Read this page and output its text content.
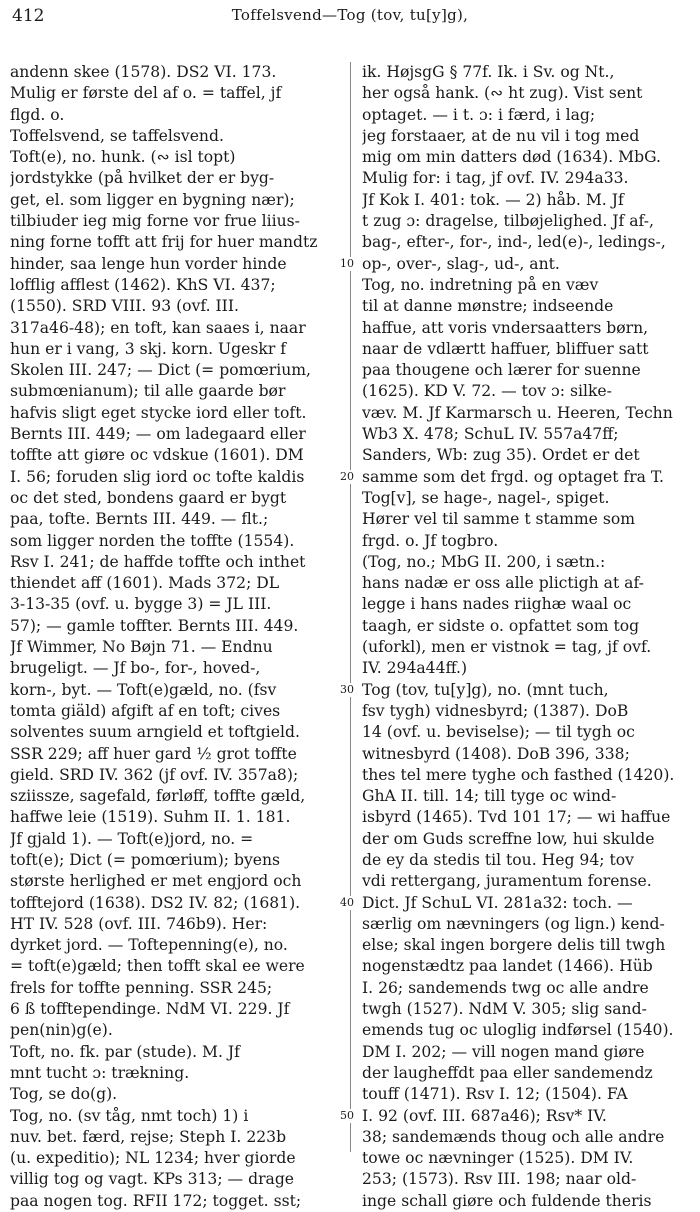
412	Toffelsvend—Tog (tov, tu[y]g),
andenn skee (1578). DS2 VI. 173.
Mulig er første del af o. = taffel, jf
flgd. o.
Toffelsvend, se taffelsvend.
Toft(e), no. hunk. (∾ isl topt)
jordstykke (på hvilket der er byg-
get, el. som ligger en bygning nær);
tilbiuder ieg mig forne vor frue liius-
ning forne tofft att frij for huer mandtz
hinder, saa lenge hun vorder hinde
lofflig afflest (1462). KhS VI. 437;
(1550). SRD VIII. 93 (ovf. III.
317a46-48); en toft, kan saaes i, naar
hun er i vang, 3 skj. korn. Ugeskr f
Skolen III. 247; — Dict (= pomœrium,
submœnianum); til alle gaarde bør
hafvis sligt eget stycke iord eller toft.
Bernts III. 449; — om ladegaard eller
toffte att giøre oc vdskue (1601). DM
I. 56; foruden slig iord oc tofte kaldis
oc det sted, bondens gaard er bygt
paa, tofte. Bernts III. 449. — flt.;
som ligger norden the toffte (1554).
Rsv I. 241; de haffde toffte och inthet
thiendet aff (1601). Mads 372; DL
3-13-35 (ovf. u. bygge 3) = JL III.
57); — gamle toffter. Bernts III. 449.
Jf Wimmer, No Bøjn 71. — Endnu
brugeligt. — Jf bo-, for-, hoved-,
korn-, byt. — Toft(e)gæld, no. (fsv
tomta giäld) afgift af en toft; cives
solventes suum arngield et toftgield.
SSR 229; aff huer gard ½ grot toffte
gield. SRD IV. 362 (jf ovf. IV. 357a8);
sziissze, sagefald, førløff, toffte gæld,
haffwe leie (1519). Suhm II. 1. 181.
Jf gjald 1). — Toft(e)jord, no. =
toft(e); Dict (= pomœrium); byens
største herlighed er met engjord och
tofftejord (1638). DS2 IV. 82; (1681).
HT IV. 528 (ovf. III. 746b9). Her:
dyrket jord. — Toftepenning(e), no.
= toft(e)gæld; then tofft skal ee were
frels for toffte penning. SSR 245;
6 ß tofftependinge. NdM VI. 229. Jf
pen(nin)g(e).
Toft, no. fk. par (stude). M. Jf
mnt tucht ɔ: trækning.
Tog, se do(g).
Tog, no. (sv tåg, nmt toch) 1) i
nuv. bet. færd, rejse; Steph I. 223b
(u. expeditio); NL 1234; hver giorde
villig tog og vagt. KPs 313; — drage
paa nogen tog. RFII 172; togget. sst;
10
20
30
40
50
ik. HøjsgG § 77f. Ik. i Sv. og Nt.,
her også hank. (∾ ht zug). Vist sent
optaget. — i t. ɔ: i færd, i lag;
jeg forstaaer, at de nu vil i tog med
mig om min datters død (1634). MbG.
Mulig for: i tag, jf ovf. IV. 294a33.
Jf Kok I. 401: tok. — 2) håb. M. Jf
t zug ɔ: dragelse, tilbøjelighed. Jf af-,
bag-, efter-, for-, ind-, led(e)-, ledings-,
op-, over-, slag-, ud-, ant.
Tog, no. indretning på en væv
til at danne mønstre; indseende
haffue, att voris vndersaatters børn,
naar de vdlærtt haffuer, bliffuer satt
paa thougene och lærer for suenne
(1625). KD V. 72. — tov ɔ: silke-
væv. M. Jf Karmarsch u. Heeren, Techn
Wb3 X. 478; SchuL IV. 557a47ff;
Sanders, Wb: zug 35). Ordet er det
samme som det frgd. og optaget fra T.
Tog[v], se hage-, nagel-, spiget.
Hører vel til samme t stamme som
frgd. o. Jf togbro.
(Tog, no.; MbG II. 200, i sætn.:
hans nadæ er oss alle plictigh at af-
legge i hans nades riighæ waal oc
taagh, er sidste o. opfattet som tog
(uforkl), men er vistnok = tag, jf ovf.
IV. 294a44ff.)
Tog (tov, tu[y]g), no. (mnt tuch,
fsv tygh) vidnesbyrd; (1387). DoB
14 (ovf. u. beviselse); — til tygh oc
witnesbyrd (1408). DoB 396, 338;
thes tel mere tyghe och fasthed (1420).
GhA II. till. 14; till tyge oc wind-
isbyrd (1465). Tvd 101 17; — wi haffue
der om Guds screffne low, hui skulde
de ey da stedis til tou. Heg 94; tov
vdi rettergang, juramentum forense.
Dict. Jf SchuL VI. 281a32: toch. —
særlig om nævningers (og lign.) kend-
else; skal ingen borgere delis till twgh
nogenstædtz paa landet (1466). Hüb
I. 26; sandemends twg oc alle andre
twgh (1527). NdM V. 305; slig sand-
emends tug oc uloglig indførsel (1540).
DM I. 202; — vill nogen mand giøre
der laugheffdt paa eller sandemendz
touff (1471). Rsv I. 12; (1504). FA
I. 92 (ovf. III. 687a46); Rsv* IV.
38; sandemænds thoug och alle andre
towe oc nævninger (1525). DM IV.
253; (1573). Rsv III. 198; naar old-
inge schall giøre och fuldende theris
